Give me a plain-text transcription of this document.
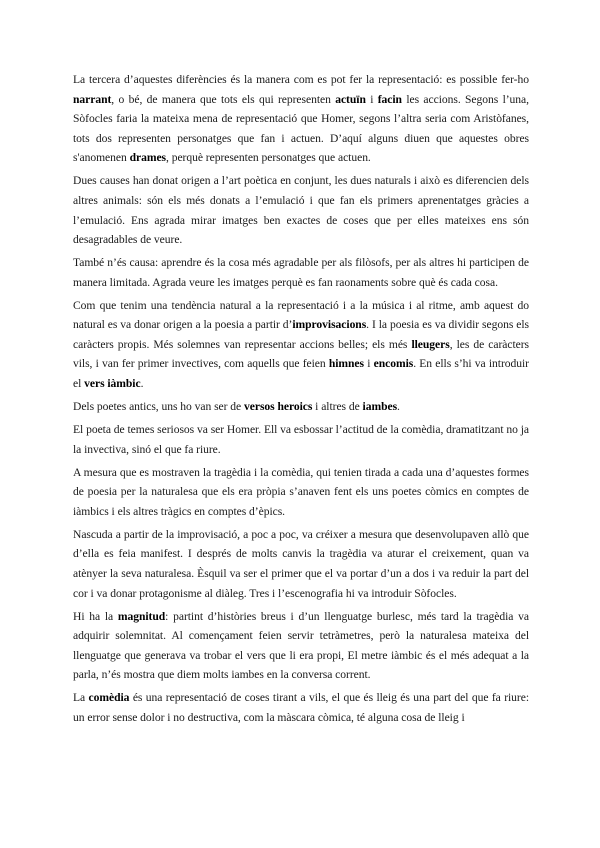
La tercera d’aquestes diferències és la manera com es pot fer la representació: es possible fer-ho narrant, o bé, de manera que tots els qui representen actuïn i facin les accions. Segons l’una, Sòfocles faria la mateixa mena de representació que Homer, segons l’altra seria com Aristòfanes, tots dos representen personatges que fan i actuen. D’aquí alguns diuen que aquestes obres s'anomenen drames, perquè representen personatges que actuen.

Dues causes han donat origen a l’art poètica en conjunt, les dues naturals i això es diferencien dels altres animals: són els més donats a l’emulació i que fan els primers aprenentatges gràcies a l’emulació. Ens agrada mirar imatges ben exactes de coses que per elles mateixes ens són desagradables de veure.

També n’és causa: aprendre és la cosa més agradable per als filòsofs, per als altres hi participen de manera limitada. Agrada veure les imatges perquè es fan raonaments sobre què és cada cosa.

Com que tenim una tendència natural a la representació i a la música i al ritme, amb aquest do natural es va donar origen a la poesia a partir d’improvisacions. I la poesia es va dividir segons els caràcters propis. Més solemnes van representar accions belles; els més lleugers, les de caràcters vils, i van fer primer invectives, com aquells que feien himnes i encomis. En ells s’hi va introduir el vers iàmbic.

Dels poetes antics, uns ho van ser de versos heroics i altres de iambes.

El poeta de temes seriosos va ser Homer. Ell va esbossar l’actitud de la comèdia, dramatitzant no ja la invectiva, sinó el que fa riure.

A mesura que es mostraven la tragèdia i la comèdia, qui tenien tirada a cada una d’aquestes formes de poesia per la naturalesa que els era pròpia s’anaven fent els uns poetes còmics en comptes de iàmbics i els altres tràgics en comptes d’èpics.

Nascuda a partir de la improvisació, a poc a poc, va créixer a mesura que desenvolupaven allò que d’ella es feia manifest. I després de molts canvis la tragèdia va aturar el creixement, quan va atènyer la seva naturalesa. Èsquil va ser el primer que el va portar d’un a dos i va reduir la part del cor i va donar protagonisme al diàleg. Tres i l’escenografia hi va introduir Sòfocles.

Hi ha la magnitud: partint d’històries breus i d’un llenguatge burlesc, més tard la tragèdia va adquirir solemnitat. Al començament feien servir tetràmetres, però la naturalesa mateixa del llenguatge que generava va trobar el vers que li era propi, El metre iàmbic és el més adequat a la parla, n’és mostra que diem molts iambes en la conversa corrent.

La comèdia és una representació de coses tirant a vils, el que és lleig és una part del que fa riure: un error sense dolor i no destructiva, com la màscara còmica, té alguna cosa de lleig i
